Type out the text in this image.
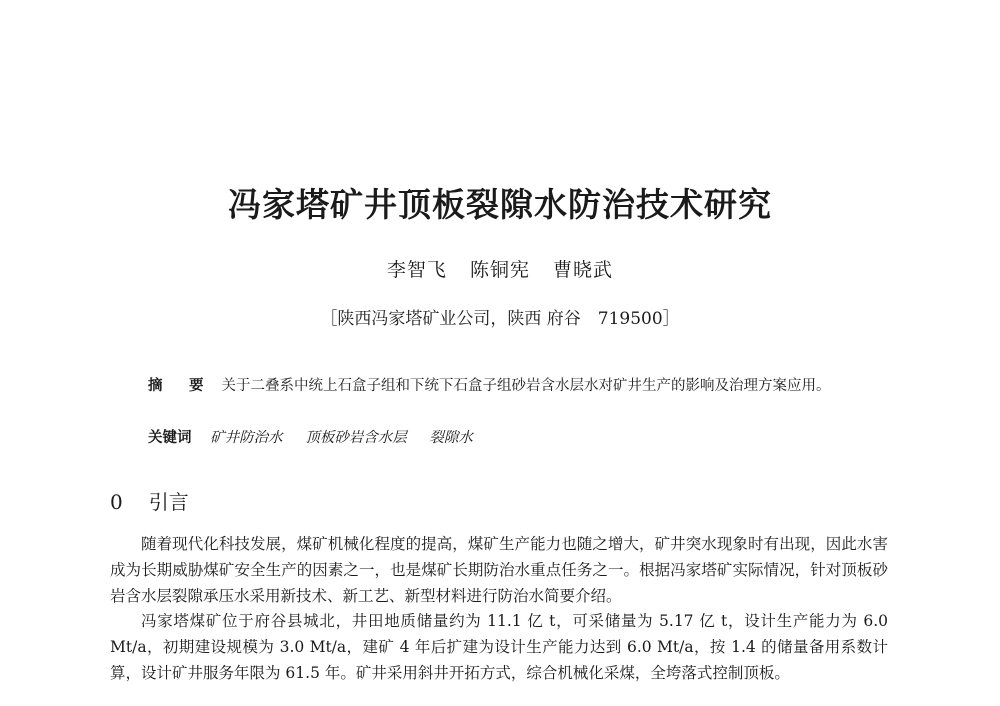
冯家塔矿井顶板裂隙水防治技术研究
李智飞 陈铜宪 曹晓武
［陕西冯家塔矿业公司，陕西 府谷　719500］
摘　要 关于二叠系中统上石盒子组和下统下石盒子组砂岩含水层水对矿井生产的影响及治理方案应用。
关键词 矿井防治水 顶板砂岩含水层 裂隙水
0 引言

随着现代化科技发展，煤矿机械化程度的提高，煤矿生产能力也随之增大，矿井突水现象时有出现，因此水害成为长期威胁煤矿安全生产的因素之一，也是煤矿长期防治水重点任务之一。根据冯家塔矿实际情况，针对顶板砂岩含水层裂隙承压水采用新技术、新工艺、新型材料进行防治水简要介绍。

冯家塔煤矿位于府谷县城北，井田地质储量约为 11.1 亿 t，可采储量为 5.17 亿 t，设计生产能力为 6.0 Mt/a，初期建设规模为 3.0 Mt/a，建矿 4 年后扩建为设计生产能力达到 6.0 Mt/a，按 1.4 的储量备用系数计算，设计矿井服务年限为 61.5 年。矿井采用斜井开拓方式，综合机械化采煤，全垮落式控制顶板。
